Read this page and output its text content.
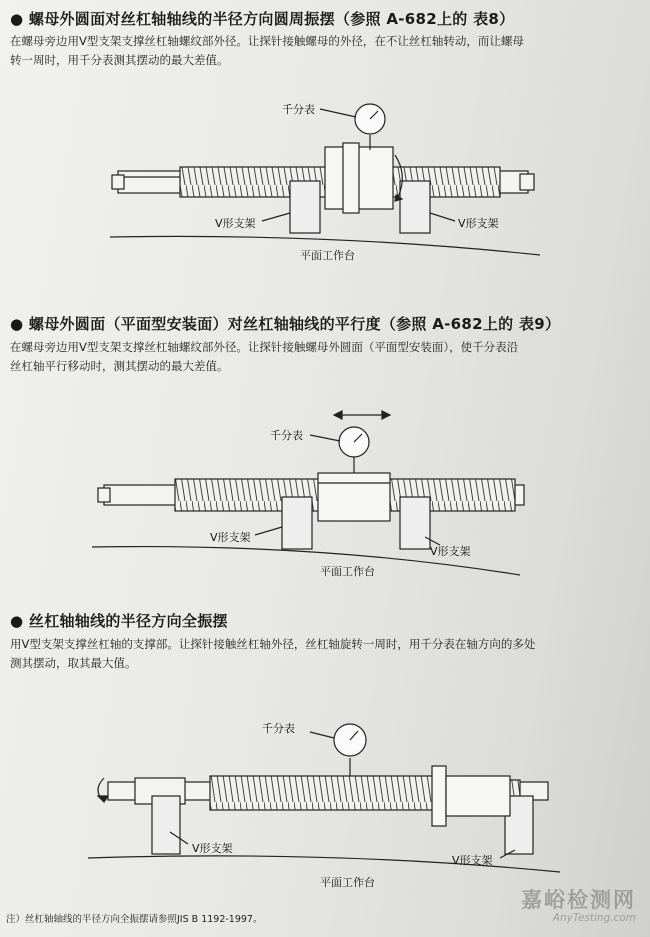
● 螺母外圆面对丝杠轴轴线的半径方向圆周振摆（参照 A-682上的 表8）
在螺母旁边用V型支架支撑丝杠轴螺纹部外径。让探针接触螺母的外径，在不让丝杠轴转动，而让螺母
转一周时，用千分表测其摆动的最大差值。
千分表
V形支架	V形支架
平面工作台
● 螺母外圆面（平面型安装面）对丝杠轴轴线的平行度（参照 A-682上的 表9）
在螺母旁边用V型支架支撑丝杠轴螺纹部外径。让探针接触螺母外圆面（平面型安装面），使千分表沿
丝杠轴平行移动时，测其摆动的最大差值。
千分表
V形支架
V形支架
平面工作台
● 丝杠轴轴线的半径方向全振摆
用V型支架支撑丝杠轴的支撑部。让探针接触丝杠轴外径，丝杠轴旋转一周时，用千分表在轴方向的多处
测其摆动，取其最大值。
千分表
V形支架
V形支架
平面工作台
注）丝杠轴轴线的半径方向全振摆请参照JIS B 1192-1997。
嘉峪检测网
AnyTesting.com
